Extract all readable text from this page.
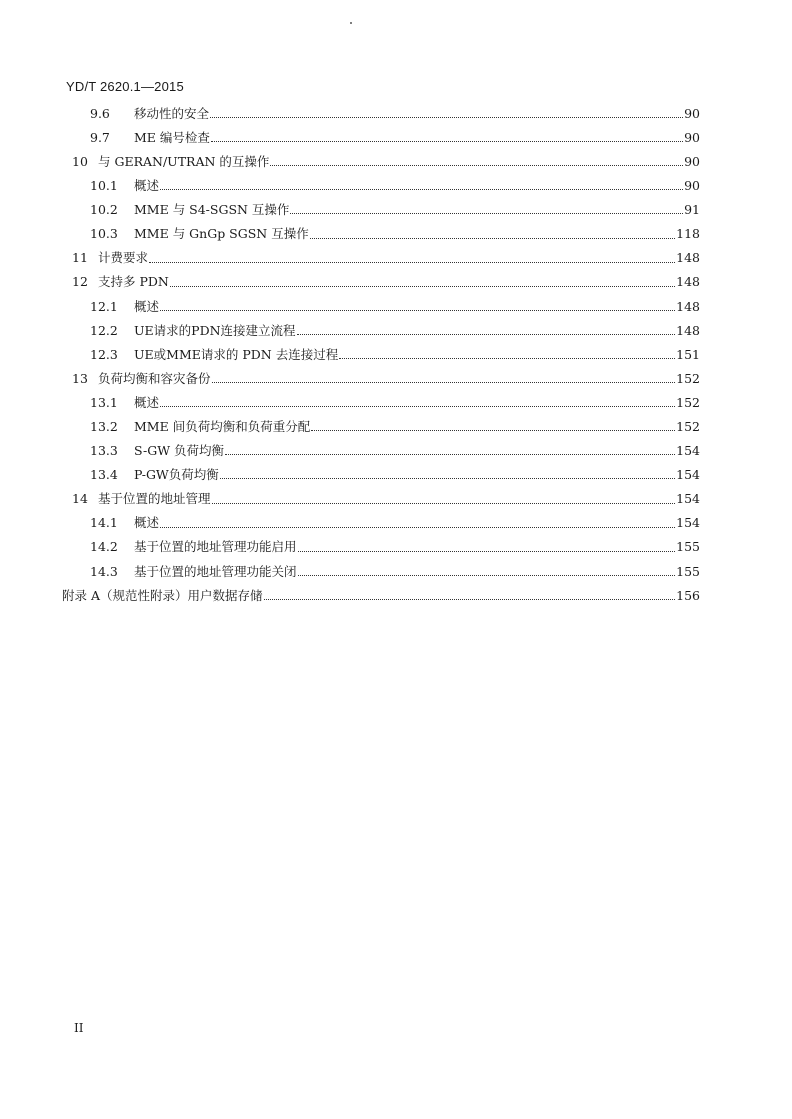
YD/T 2620.1—2015
9.6	移动性的安全	90
9.7	ME 编号检查	90
10 与 GERAN/UTRAN 的互操作	90
10.1	概述	90
10.2	MME 与 S4-SGSN 互操作	91
10.3	MME 与 GnGp SGSN 互操作	118
11 计费要求	148
12 支持多 PDN	148
12.1	概述	148
12.2	UE请求的PDN连接建立流程	148
12.3	UE或MME请求的 PDN 去连接过程	151
13 负荷均衡和容灾备份	152
13.1	概述	152
13.2	MME 间负荷均衡和负荷重分配	152
13.3	S-GW 负荷均衡	154
13.4	P-GW负荷均衡	154
14 基于位置的地址管理	154
14.1	概述	154
14.2	基于位置的地址管理功能启用	155
14.3	基于位置的地址管理功能关闭	155
附录 A（规范性附录）用户数据存储	156
II
